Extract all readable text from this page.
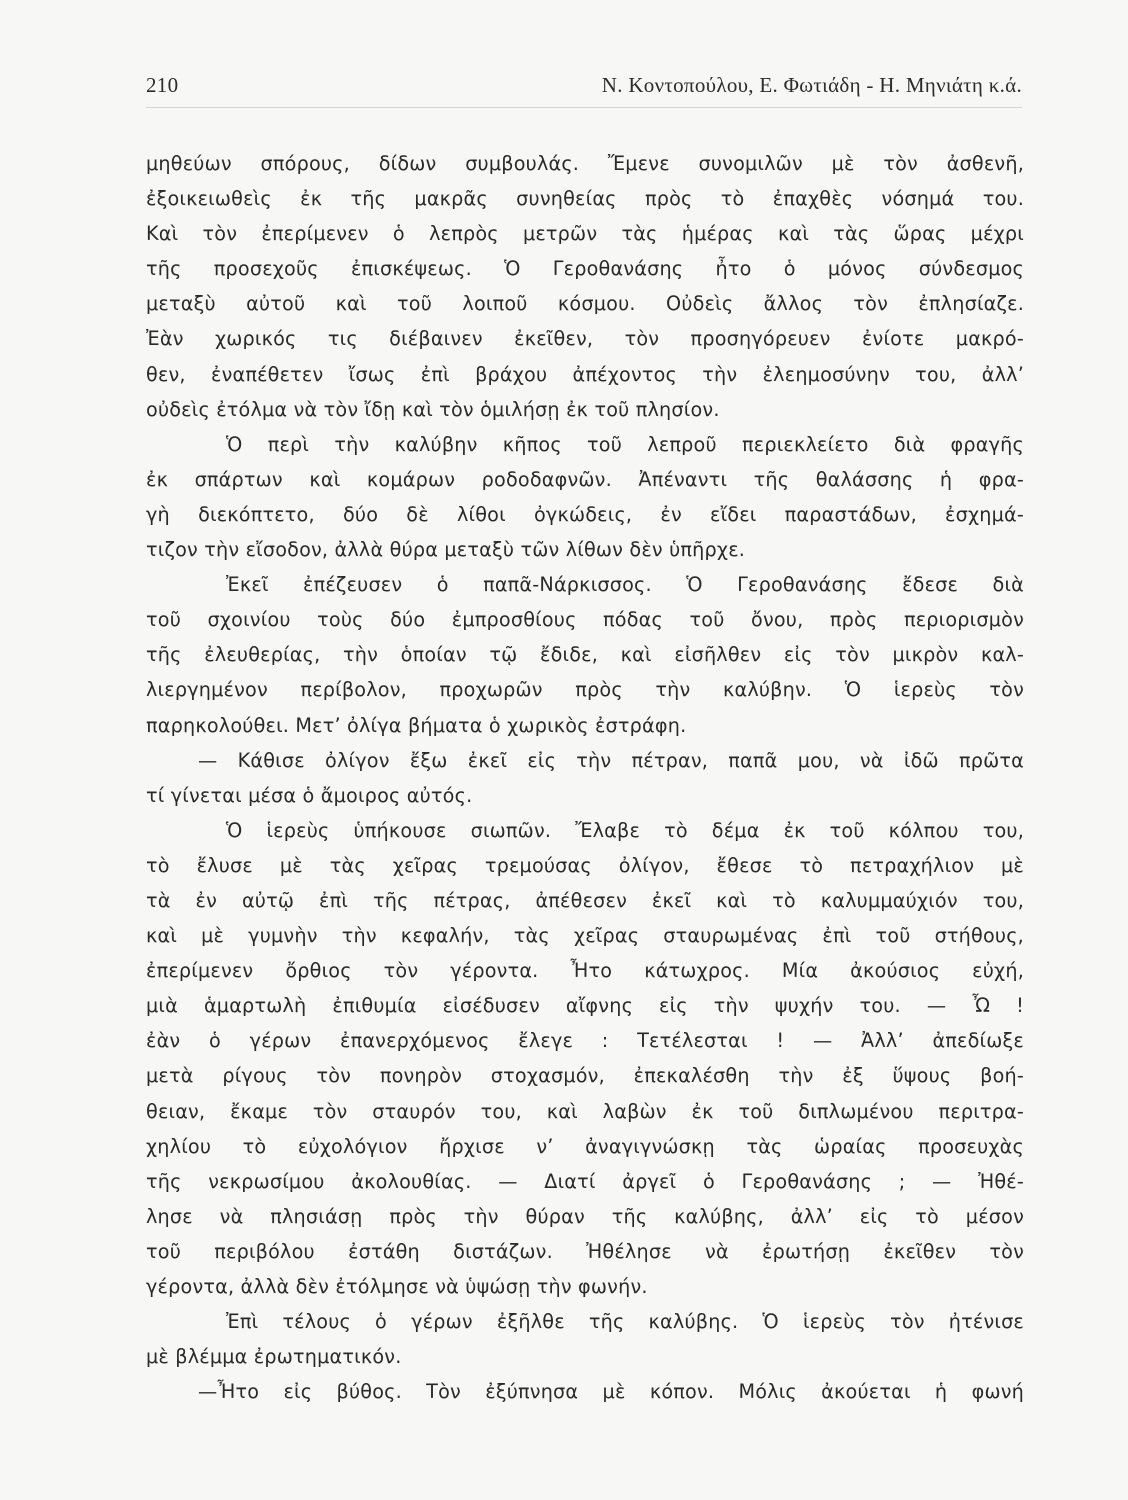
210	Ν. Κοντοπούλου, Ε. Φωτιάδη - Η. Μηνιάτη κ.ά.
μηθεύων σπόρους, δίδων συμβουλάς. Ἔμενε συνομιλῶν μὲ τὸν ἀσθενῆ,
ἐξοικειωθεὶς ἐκ τῆς μακρᾶς συνηθείας πρὸς τὸ ἐπαχθὲς νόσημά του.
Καὶ τὸν ἐπερίμενεν ὁ λεπρὸς μετρῶν τὰς ἡμέρας καὶ τὰς ὥρας μέχρι
τῆς προσεχοῦς ἐπισκέψεως. Ὁ Γεροθανάσης ἦτο ὁ μόνος σύνδεσμος
μεταξὺ αὐτοῦ καὶ τοῦ λοιποῦ κόσμου. Οὐδεὶς ἄλλος τὸν ἐπλησίαζε.
Ἐὰν χωρικός τις διέβαινεν ἐκεῖθεν, τὸν προσηγόρευεν ἐνίοτε μακρό-
θεν, ἐναπέθετεν ἴσως ἐπὶ βράχου ἀπέχοντος τὴν ἐλεημοσύνην του, ἀλλ’
οὐδεὶς ἐτόλμα νὰ τὸν ἴδῃ καὶ τὸν ὁμιλήσῃ ἐκ τοῦ πλησίον.
Ὁ περὶ τὴν καλύβην κῆπος τοῦ λεπροῦ περιεκλείετο διὰ φραγῆς
ἐκ σπάρτων καὶ κομάρων ροδοδαφνῶν. Ἀπέναντι τῆς θαλάσσης ἡ φρα-
γὴ διεκόπτετο, δύο δὲ λίθοι ὀγκώδεις, ἐν εἴδει παραστάδων, ἐσχημά-
τιζον τὴν εἴσοδον, ἀλλὰ θύρα μεταξὺ τῶν λίθων δὲν ὑπῆρχε.
Ἐκεῖ ἐπέζευσεν ὁ παπᾶ-Νάρκισσος. Ὁ Γεροθανάσης ἔδεσε διὰ
τοῦ σχοινίου τοὺς δύο ἐμπροσθίους πόδας τοῦ ὄνου, πρὸς περιορισμὸν
τῆς ἐλευθερίας, τὴν ὁποίαν τῷ ἔδιδε, καὶ εἰσῆλθεν εἰς τὸν μικρὸν καλ-
λιεργημένον περίβολον, προχωρῶν πρὸς τὴν καλύβην. Ὁ ἱερεὺς τὸν
παρηκολούθει. Μετ’ ὀλίγα βήματα ὁ χωρικὸς ἐστράφη.
— Κάθισε ὀλίγον ἔξω ἐκεῖ εἰς τὴν πέτραν, παπᾶ μου, νὰ ἰδῶ πρῶτα
τί γίνεται μέσα ὁ ἄμοιρος αὐτός.
Ὁ ἱερεὺς ὑπήκουσε σιωπῶν. Ἔλαβε τὸ δέμα ἐκ τοῦ κόλπου του,
τὸ ἔλυσε μὲ τὰς χεῖρας τρεμούσας ὀλίγον, ἔθεσε τὸ πετραχήλιον μὲ
τὰ ἐν αὐτῷ ἐπὶ τῆς πέτρας, ἀπέθεσεν ἐκεῖ καὶ τὸ καλυμμαύχιόν του,
καὶ μὲ γυμνὴν τὴν κεφαλήν, τὰς χεῖρας σταυρωμένας ἐπὶ τοῦ στήθους,
ἐπερίμενεν ὄρθιος τὸν γέροντα. Ἦτο κάτωχρος. Μία ἀκούσιος εὐχή,
μιὰ ἁμαρτωλὴ ἐπιθυμία εἰσέδυσεν αἴφνης εἰς τὴν ψυχήν του. — Ὦ !
ἐὰν ὁ γέρων ἐπανερχόμενος ἔλεγε : Τετέλεσται ! — Ἀλλ’ ἀπεδίωξε
μετὰ ρίγους τὸν πονηρὸν στοχασμόν, ἐπεκαλέσθη τὴν ἐξ ὕψους βοή-
θειαν, ἔκαμε τὸν σταυρόν του, καὶ λαβὼν ἐκ τοῦ διπλωμένου περιτρα-
χηλίου τὸ εὐχολόγιον ἤρχισε ν’ ἀναγιγνώσκῃ τὰς ὡραίας προσευχὰς
τῆς νεκρωσίμου ἀκολουθίας. — Διατί ἀργεῖ ὁ Γεροθανάσης ; — Ἠθέ-
λησε νὰ πλησιάσῃ πρὸς τὴν θύραν τῆς καλύβης, ἀλλ’ εἰς τὸ μέσον
τοῦ περιβόλου ἐστάθη διστάζων. Ἠθέλησε νὰ ἐρωτήσῃ ἐκεῖθεν τὸν
γέροντα, ἀλλὰ δὲν ἐτόλμησε νὰ ὑψώσῃ τὴν φωνήν.
Ἐπὶ τέλους ὁ γέρων ἐξῆλθε τῆς καλύβης. Ὁ ἱερεὺς τὸν ἠτένισε
μὲ βλέμμα ἐρωτηματικόν.
—Ἦτο εἰς βύθος. Τὸν ἐξύπνησα μὲ κόπον. Μόλις ἀκούεται ἡ φωνή
